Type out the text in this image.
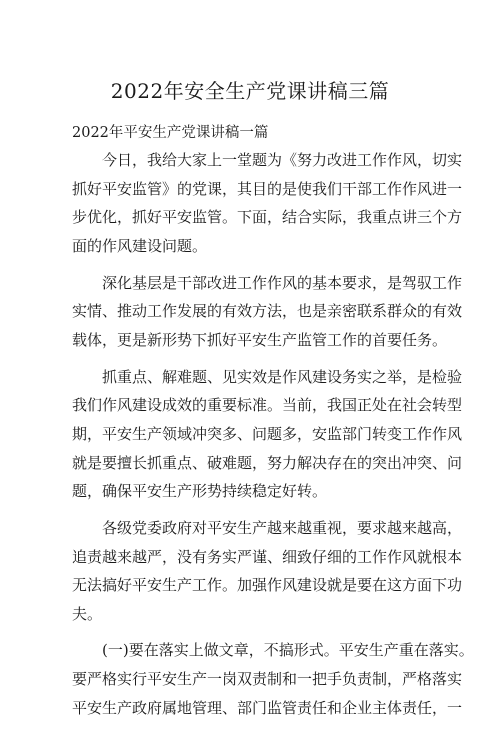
2022年安全生产党课讲稿三篇
2022年平安生产党课讲稿一篇

今日，我给大家上一堂题为《努力改进工作作风，切实
抓好平安监管》的党课，其目的是使我们干部工作作风进一
步优化，抓好平安监管。下面，结合实际，我重点讲三个方
面的作风建设问题。

深化基层是干部改进工作作风的基本要求，是驾驭工作
实情、推动工作发展的有效方法，也是亲密联系群众的有效
载体，更是新形势下抓好平安生产监管工作的首要任务。

抓重点、解难题、见实效是作风建设务实之举，是检验
我们作风建设成效的重要标准。当前，我国正处在社会转型
期，平安生产领域冲突多、问题多，安监部门转变工作作风
就是要擅长抓重点、破难题，努力解决存在的突出冲突、问
题，确保平安生产形势持续稳定好转。

各级党委政府对平安生产越来越重视，要求越来越高，
追责越来越严，没有务实严谨、细致仔细的工作作风就根本
无法搞好平安生产工作。加强作风建设就是要在这方面下功
夫。

(一)要在落实上做文章，不搞形式。平安生产重在落实。
要严格实行平安生产一岗双责制和一把手负责制，严格落实
平安生产政府属地管理、部门监管责任和企业主体责任，一
